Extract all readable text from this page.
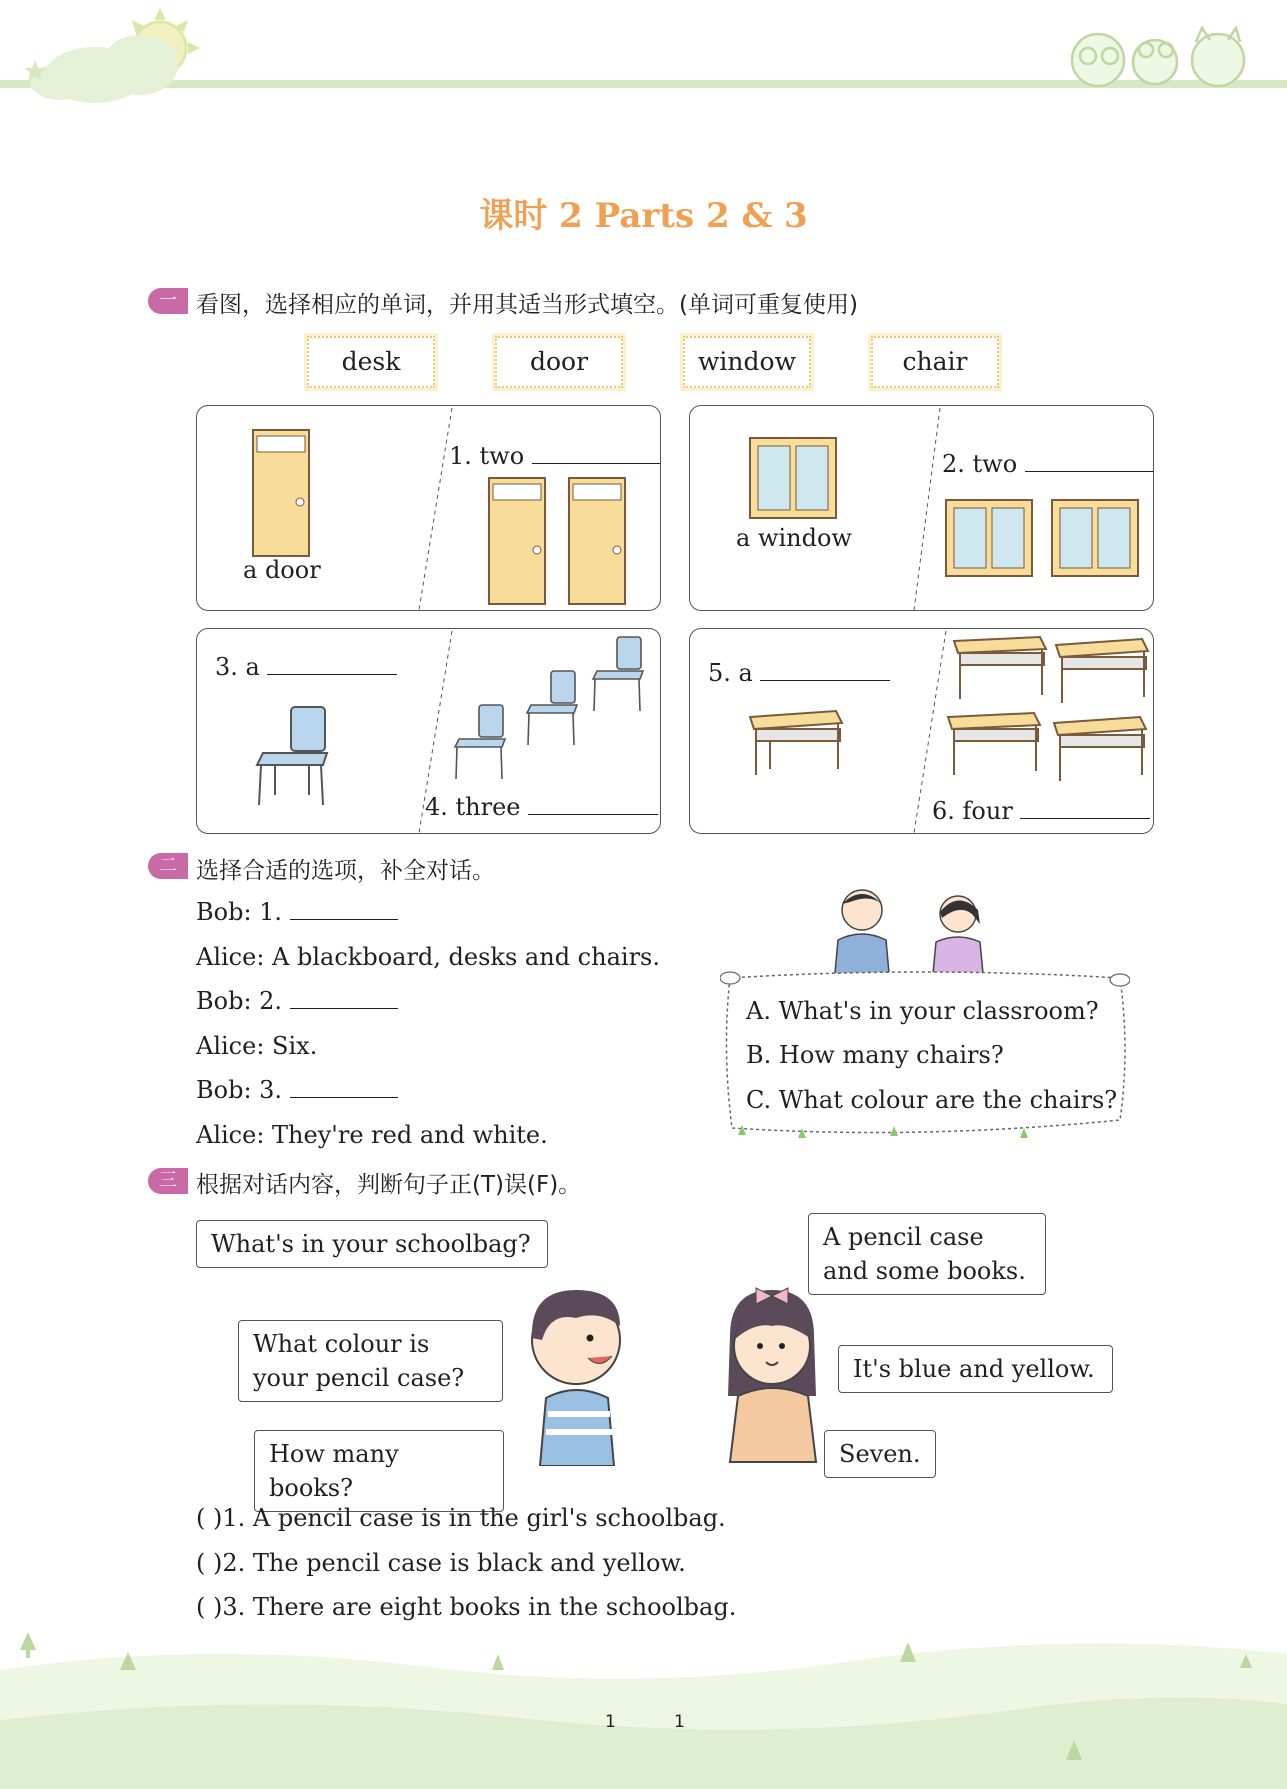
课时 2 Parts 2 & 3
一 看图，选择相应的单词，并用其适当形式填空。(单词可重复使用)
desk	door	window	chair
a door
1. two
a window
2. two
3. a
4. three
5. a
6. four
二 选择合适的选项，补全对话。
Bob: 1.
Alice: A blackboard, desks and chairs.
Bob: 2.
Alice: Six.
Bob: 3.
Alice: They're red and white.
A. What's in your classroom?
B. How many chairs?
C. What colour are the chairs?
三 根据对话内容，判断句子正(T)误(F)。
What's in your schoolbag?
What colour is your pencil case?
How many books?
A pencil case and some books.
It's blue and yellow.
Seven.
( )1. A pencil case is in the girl's schoolbag.
( )2. The pencil case is black and yellow.
( )3. There are eight books in the schoolbag.
1	1
